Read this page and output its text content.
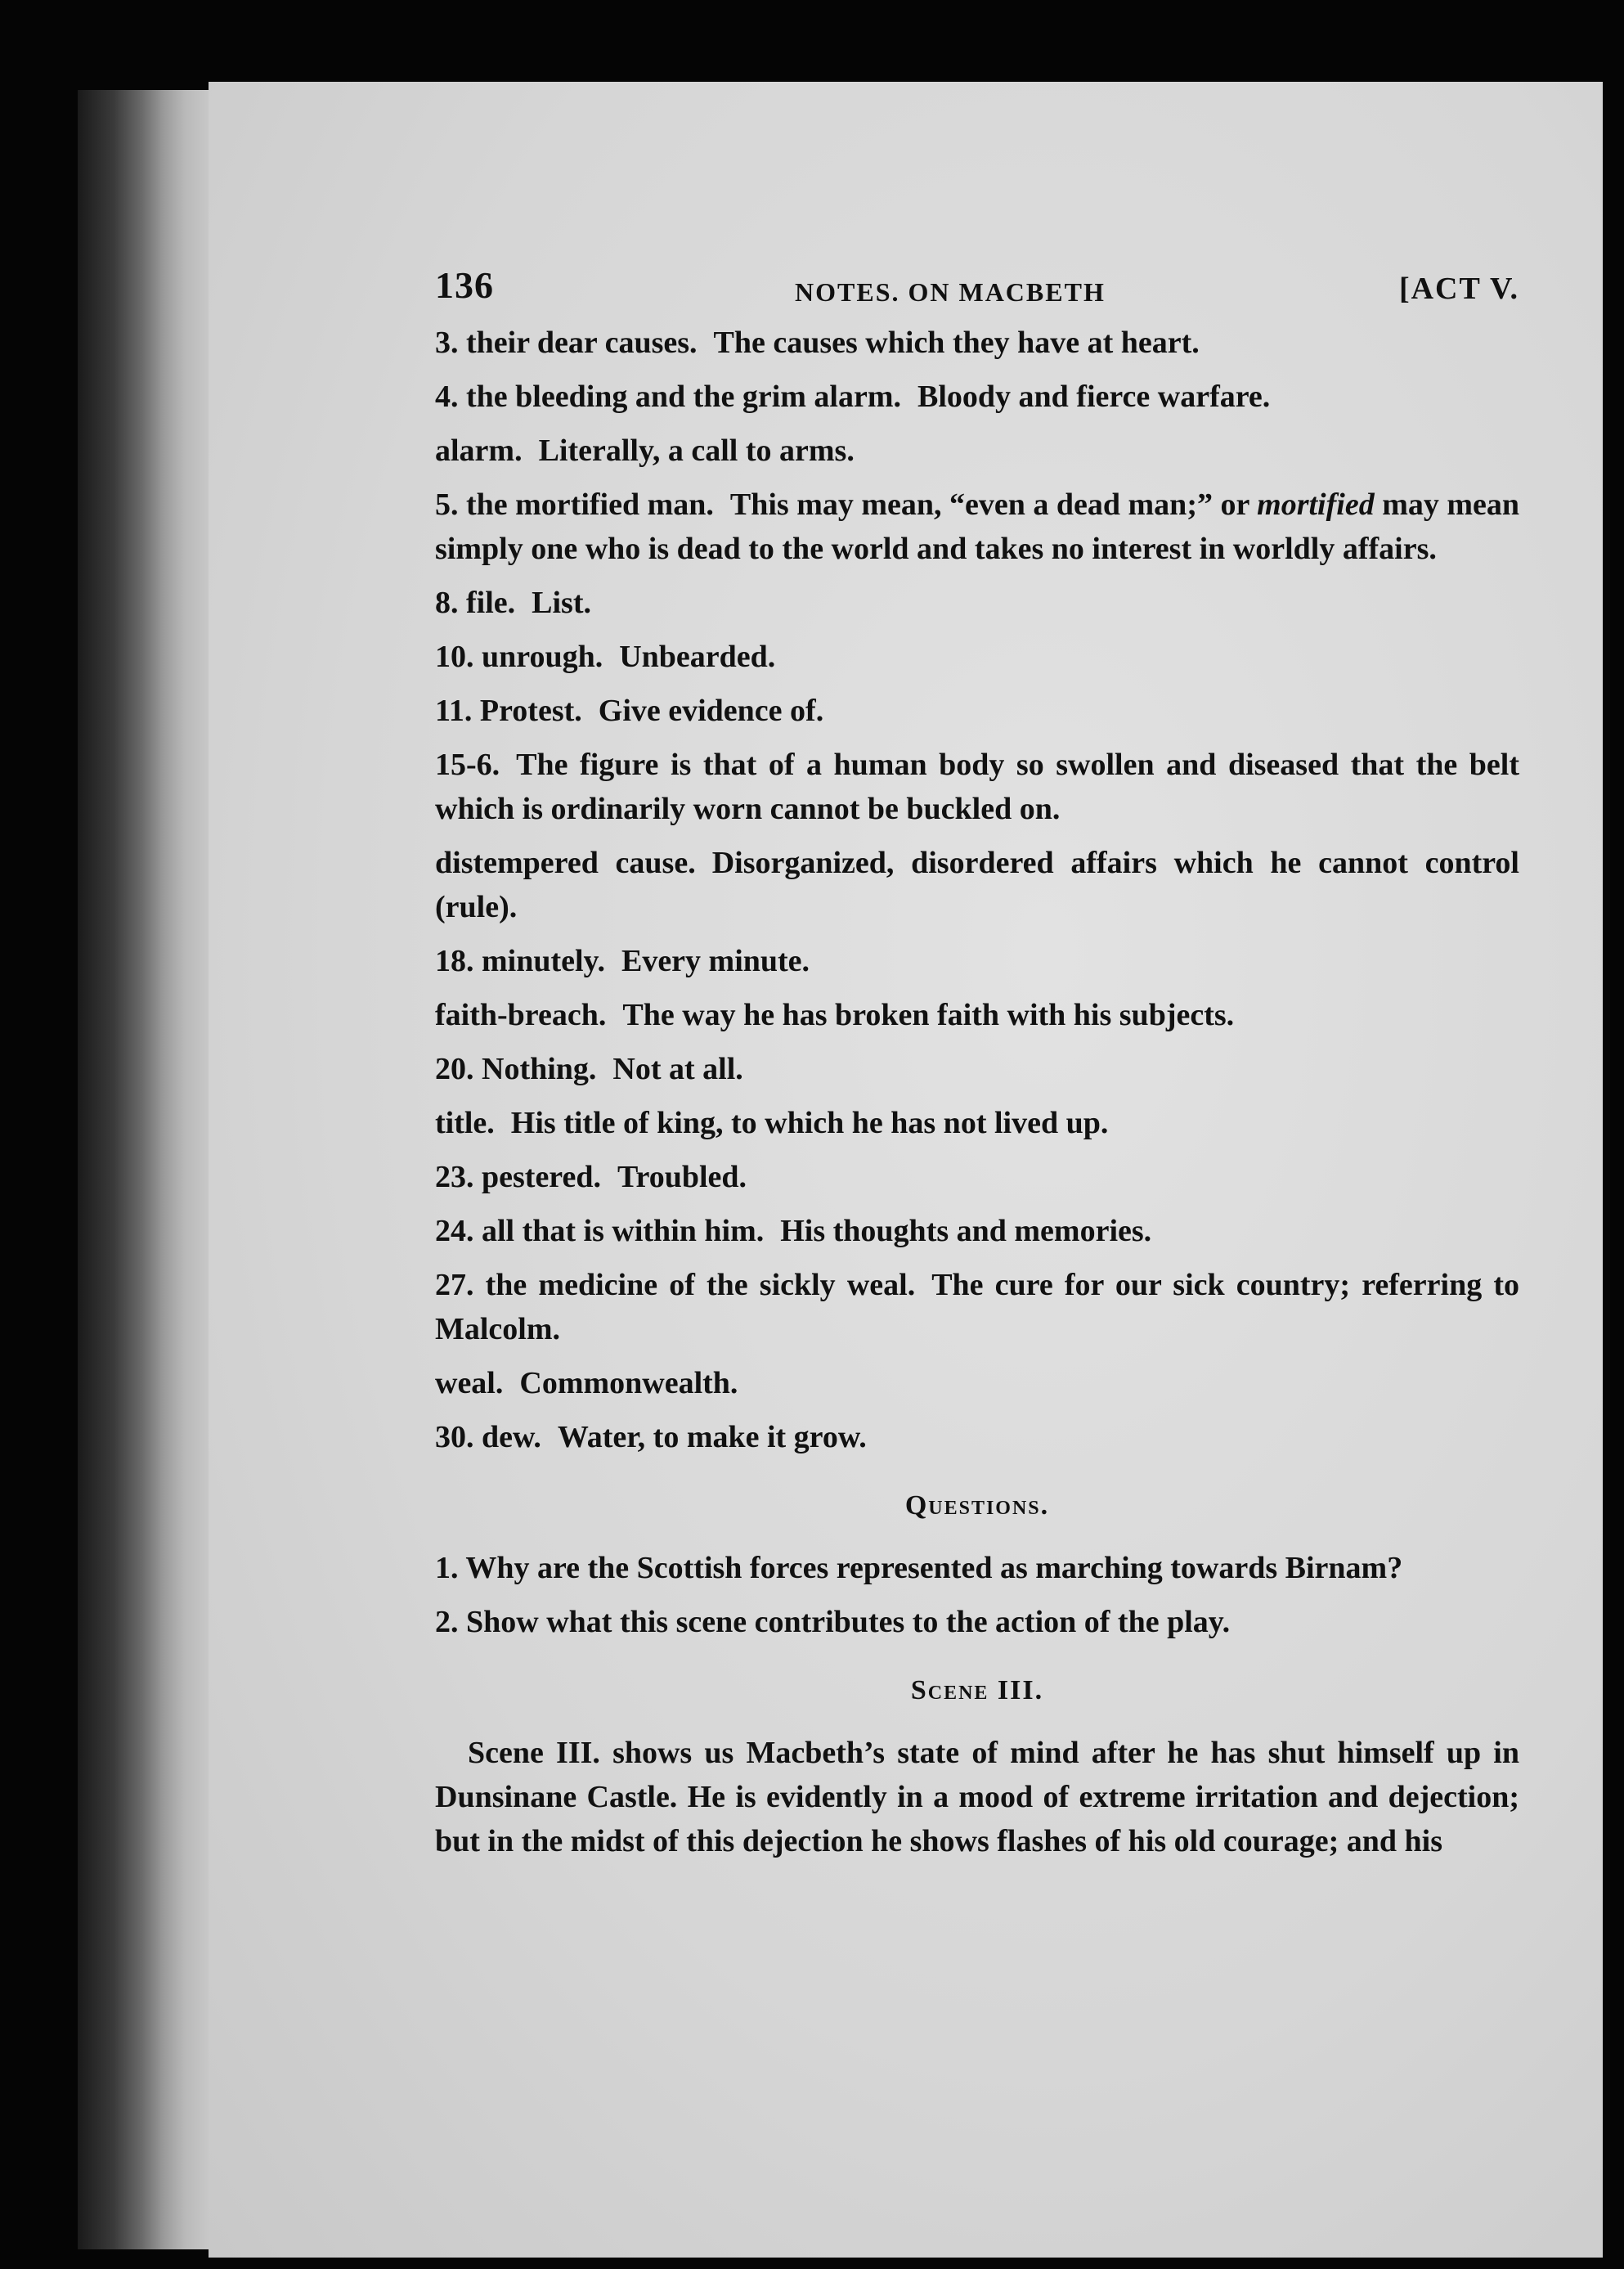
136	NOTES. ON MACBETH	[ACT V.

3. their dear causes. The causes which they have at heart.

4. the bleeding and the grim alarm. Bloody and fierce warfare.

alarm. Literally, a call to arms.

5. the mortified man. This may mean, “even a dead man;” or mortified may mean simply one who is dead to the world and takes no interest in worldly affairs.

8. file. List.

10. unrough. Unbearded.

11. Protest. Give evidence of.

15-6. The figure is that of a human body so swollen and diseased that the belt which is ordinarily worn cannot be buckled on.

distempered cause. Disorganized, disordered affairs which he cannot control (rule).

18. minutely. Every minute.

faith-breach. The way he has broken faith with his subjects.

20. Nothing. Not at all.

title. His title of king, to which he has not lived up.

23. pestered. Troubled.

24. all that is within him. His thoughts and memories.

27. the medicine of the sickly weal. The cure for our sick country; referring to Malcolm.

weal. Commonwealth.

30. dew. Water, to make it grow.

Questions.

1. Why are the Scottish forces represented as marching towards Birnam?

2. Show what this scene contributes to the action of the play.

Scene III.

Scene III. shows us Macbeth’s state of mind after he has shut himself up in Dunsinane Castle. He is evidently in a mood of extreme irritation and dejection; but in the midst of this dejection he shows flashes of his old courage; and his
